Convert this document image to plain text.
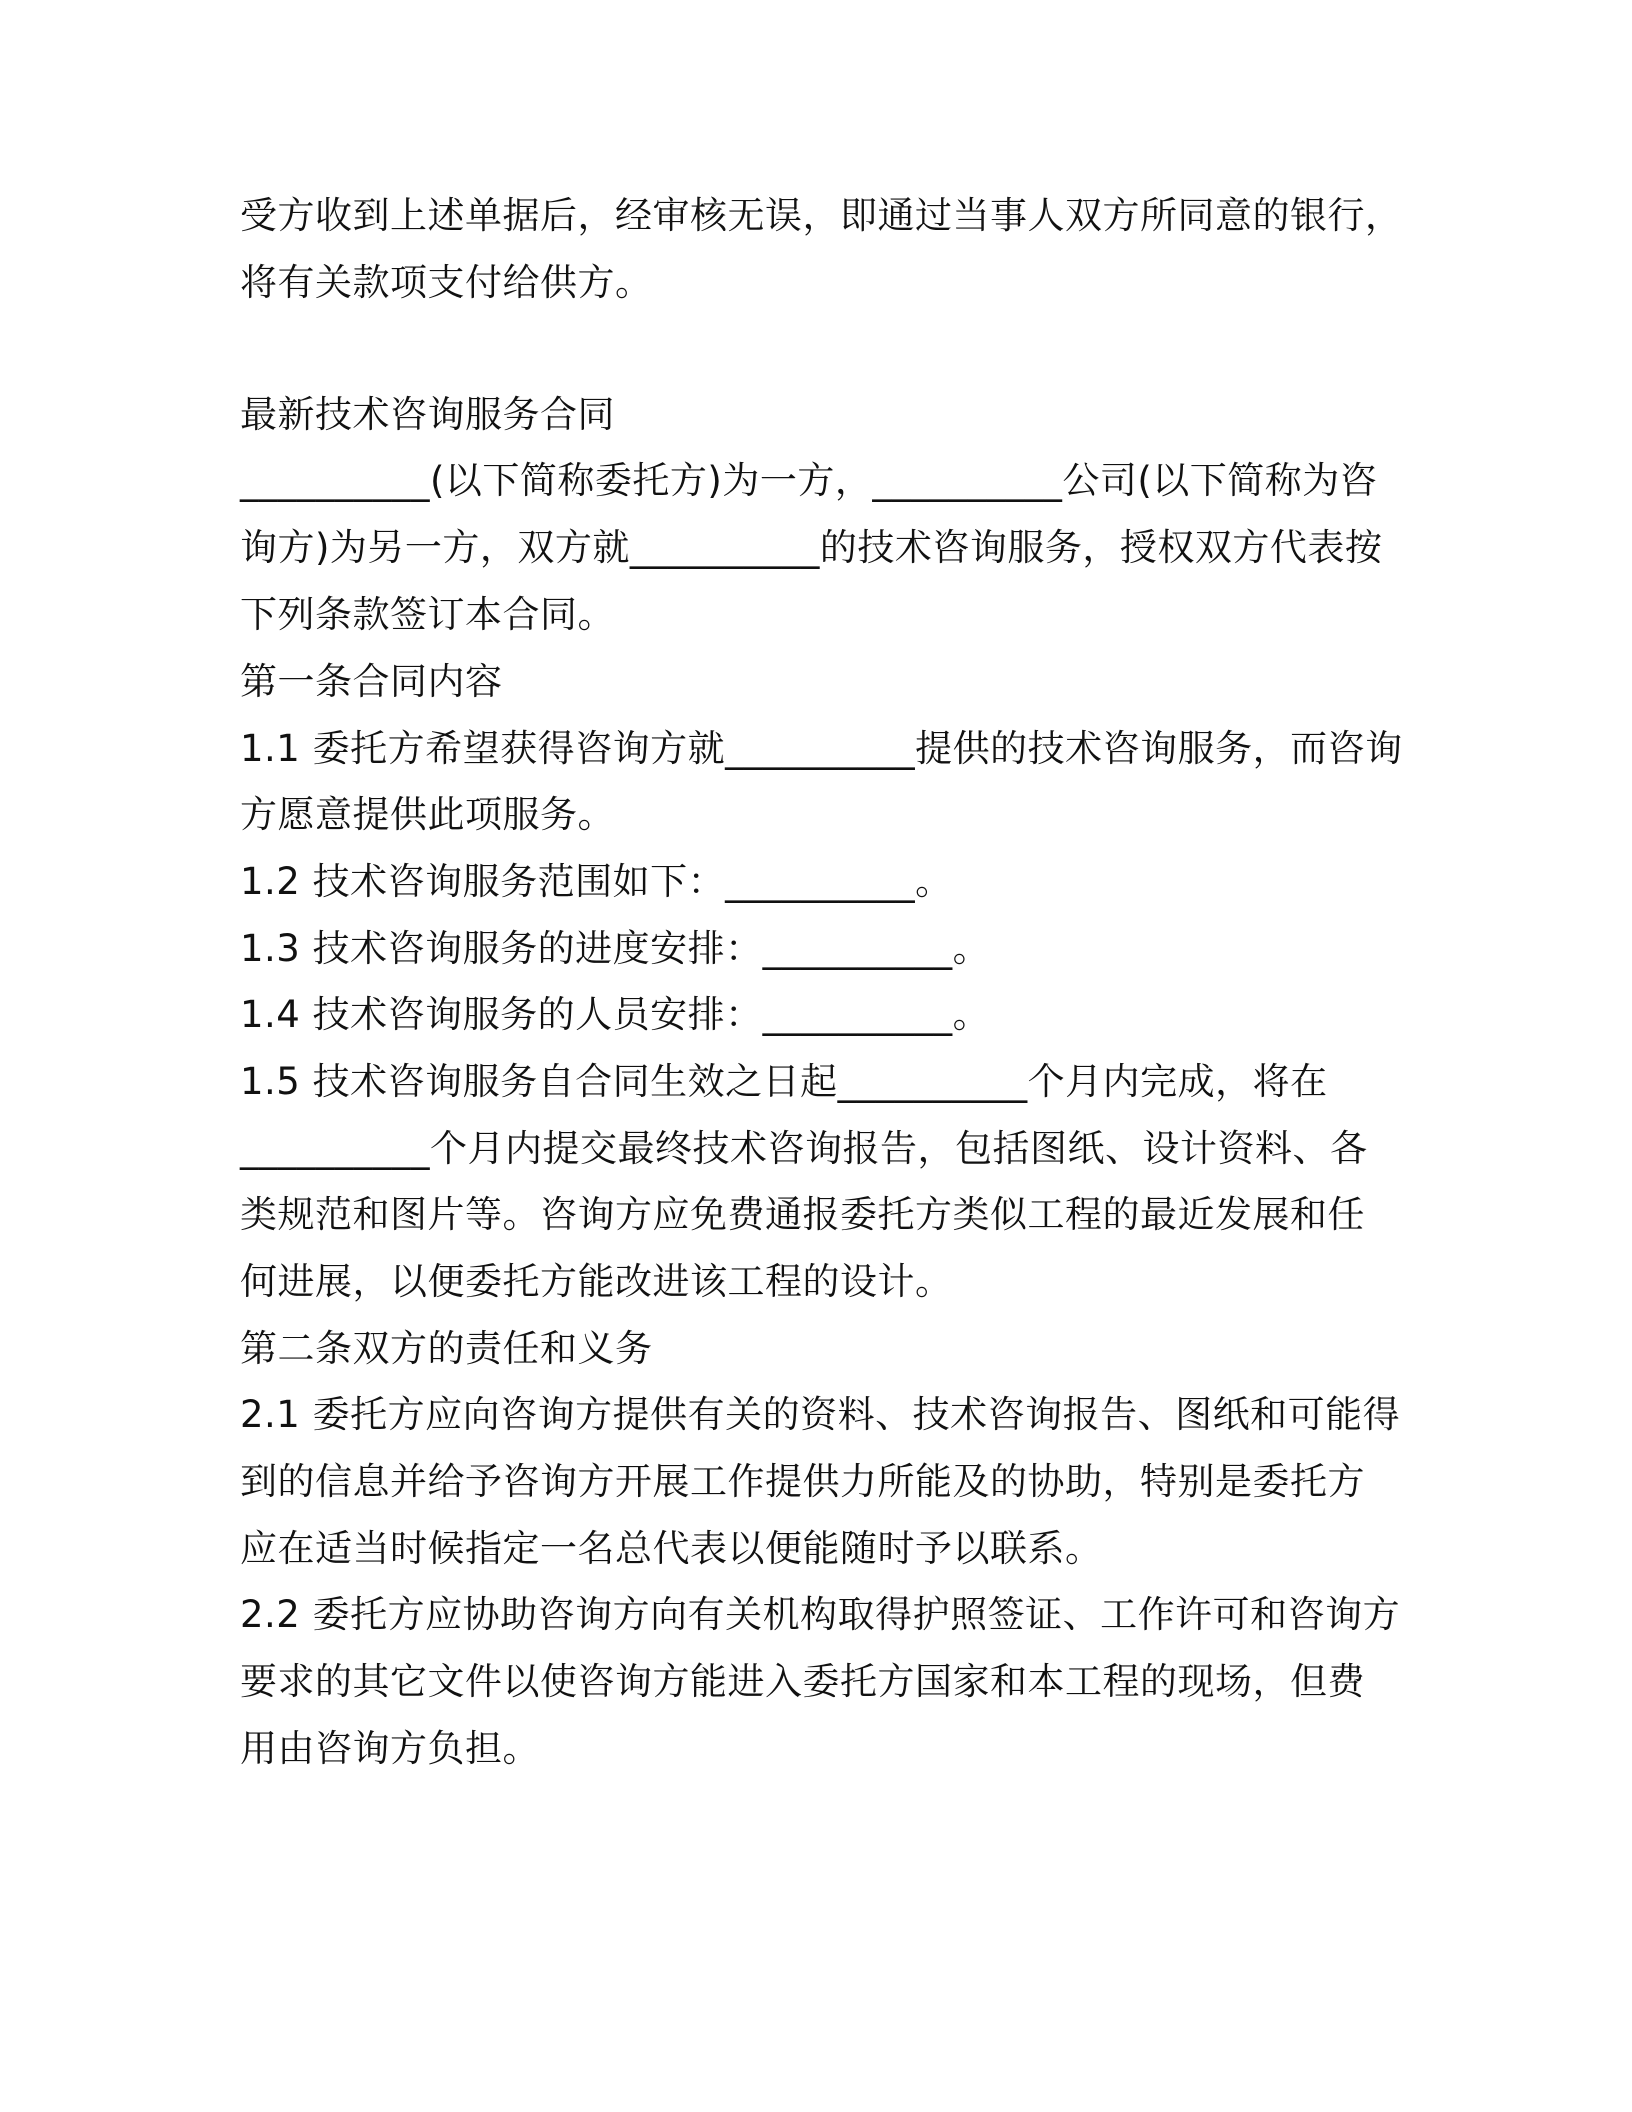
受方收到上述单据后，经审核无误，即通过当事人双方所同意的银行，
将有关款项支付给供方。
最新技术咨询服务合同
__________(以下简称委托方)为一方，__________公司(以下简称为咨
询方)为另一方，双方就__________的技术咨询服务，授权双方代表按
下列条款签订本合同。
第一条合同内容
1.1 委托方希望获得咨询方就__________提供的技术咨询服务，而咨询
方愿意提供此项服务。
1.2 技术咨询服务范围如下：__________。
1.3 技术咨询服务的进度安排：__________。
1.4 技术咨询服务的人员安排：__________。
1.5 技术咨询服务自合同生效之日起__________个月内完成，将在
__________个月内提交最终技术咨询报告，包括图纸、设计资料、各
类规范和图片等。咨询方应免费通报委托方类似工程的最近发展和任
何进展，以便委托方能改进该工程的设计。
第二条双方的责任和义务
2.1 委托方应向咨询方提供有关的资料、技术咨询报告、图纸和可能得
到的信息并给予咨询方开展工作提供力所能及的协助，特别是委托方
应在适当时候指定一名总代表以便能随时予以联系。
2.2 委托方应协助咨询方向有关机构取得护照签证、工作许可和咨询方
要求的其它文件以使咨询方能进入委托方国家和本工程的现场，但费
用由咨询方负担。
